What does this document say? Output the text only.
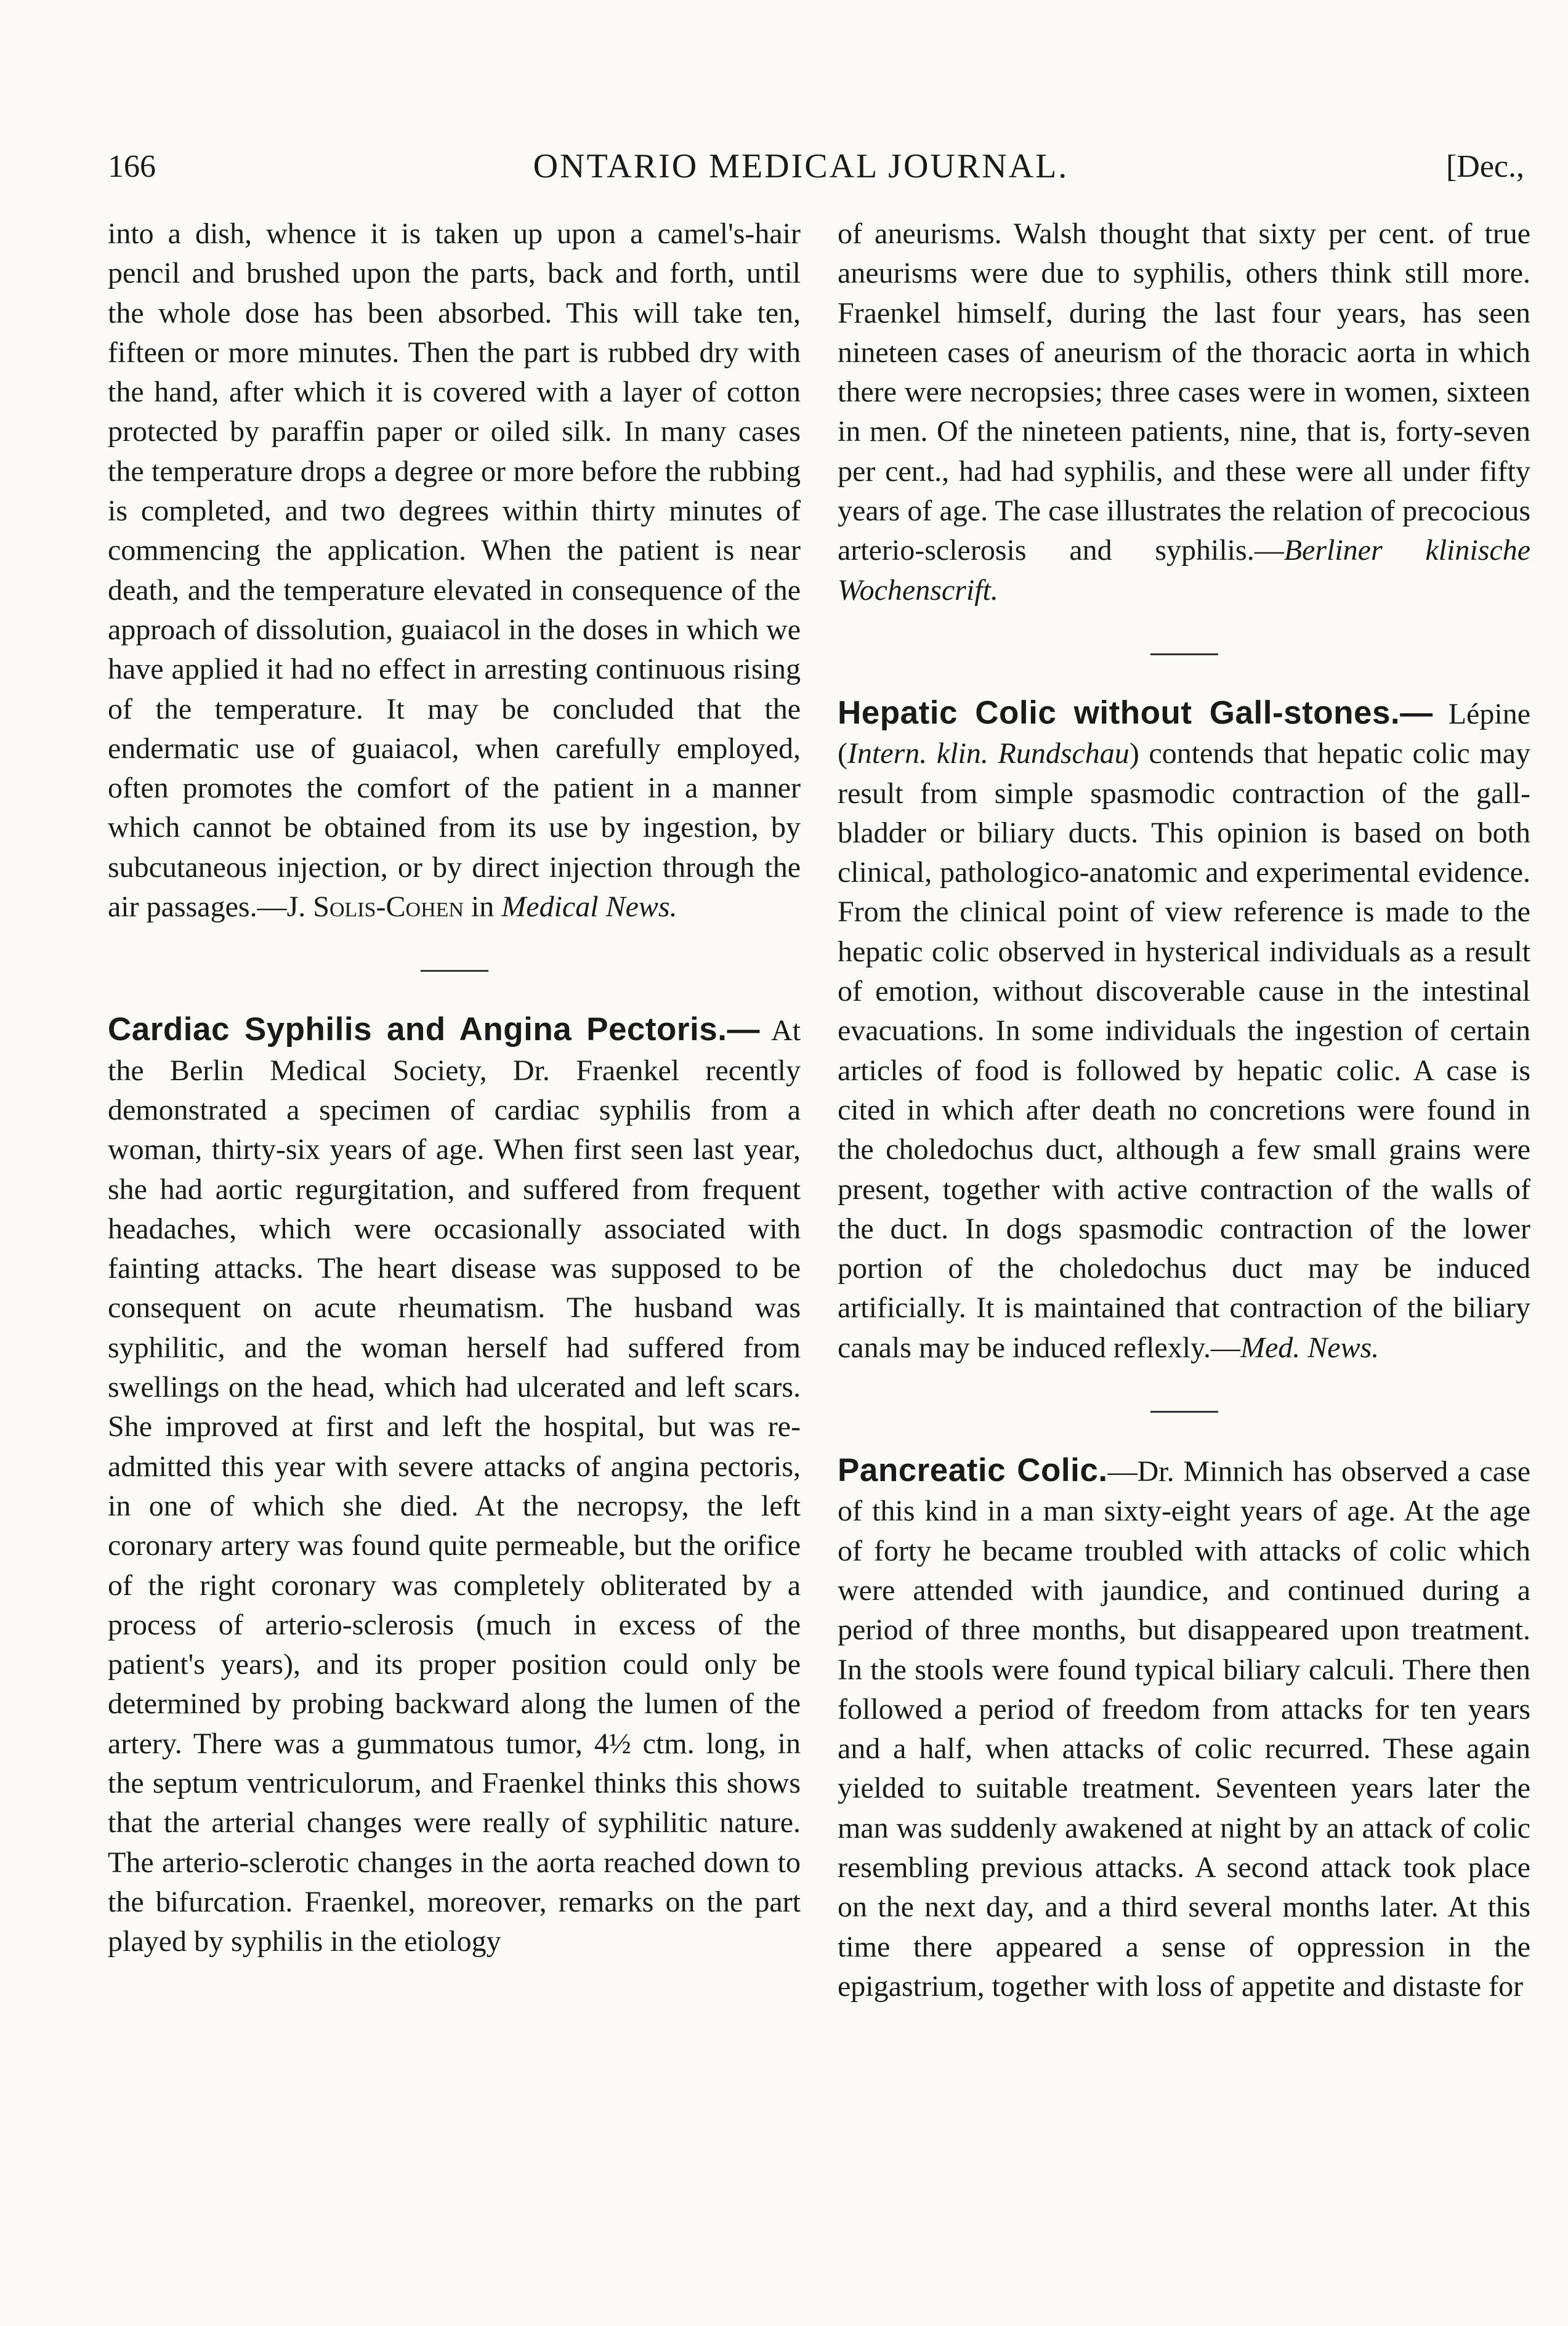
166	ONTARIO MEDICAL JOURNAL.	[Dec.,

into a dish, whence it is taken up upon a camel's-hair pencil and brushed upon the parts, back and forth, until the whole dose has been absorbed. This will take ten, fifteen or more minutes. Then the part is rubbed dry with the hand, after which it is covered with a layer of cotton protected by paraffin paper or oiled silk. In many cases the temperature drops a degree or more before the rubbing is completed, and two degrees within thirty minutes of commencing the application. When the patient is near death, and the temperature elevated in consequence of the approach of dissolution, guaiacol in the doses in which we have applied it had no effect in arresting continuous rising of the temperature. It may be concluded that the endermatic use of guaiacol, when carefully employed, often promotes the comfort of the patient in a manner which cannot be obtained from its use by ingestion, by subcutaneous injection, or by direct injection through the air passages.—J. Solis-Cohen in Medical News.

Cardiac Syphilis and Angina Pectoris.— At the Berlin Medical Society, Dr. Fraenkel recently demonstrated a specimen of cardiac syphilis from a woman, thirty-six years of age. When first seen last year, she had aortic regurgitation, and suffered from frequent headaches, which were occasionally associated with fainting attacks. The heart disease was supposed to be consequent on acute rheumatism. The husband was syphilitic, and the woman herself had suffered from swellings on the head, which had ulcerated and left scars. She improved at first and left the hospital, but was re-admitted this year with severe attacks of angina pectoris, in one of which she died. At the necropsy, the left coronary artery was found quite permeable, but the orifice of the right coronary was completely obliterated by a process of arterio-sclerosis (much in excess of the patient's years), and its proper position could only be determined by probing backward along the lumen of the artery. There was a gummatous tumor, 4½ ctm. long, in the septum ventriculorum, and Fraenkel thinks this shows that the arterial changes were really of syphilitic nature. The arterio-sclerotic changes in the aorta reached down to the bifurcation. Fraenkel, moreover, remarks on the part played by syphilis in the etiology

of aneurisms. Walsh thought that sixty per cent. of true aneurisms were due to syphilis, others think still more. Fraenkel himself, during the last four years, has seen nineteen cases of aneurism of the thoracic aorta in which there were necropsies; three cases were in women, sixteen in men. Of the nineteen patients, nine, that is, forty-seven per cent., had had syphilis, and these were all under fifty years of age. The case illustrates the relation of precocious arterio-sclerosis and syphilis.—Berliner klinische Wochenscrift.

Hepatic Colic without Gall-stones.— Lépine (Intern. klin. Rundschau) contends that hepatic colic may result from simple spasmodic contraction of the gall-bladder or biliary ducts. This opinion is based on both clinical, pathologico-anatomic and experimental evidence. From the clinical point of view reference is made to the hepatic colic observed in hysterical individuals as a result of emotion, without discoverable cause in the intestinal evacuations. In some individuals the ingestion of certain articles of food is followed by hepatic colic. A case is cited in which after death no concretions were found in the choledochus duct, although a few small grains were present, together with active contraction of the walls of the duct. In dogs spasmodic contraction of the lower portion of the choledochus duct may be induced artificially. It is maintained that contraction of the biliary canals may be induced reflexly.—Med. News.

Pancreatic Colic.—Dr. Minnich has observed a case of this kind in a man sixty-eight years of age. At the age of forty he became troubled with attacks of colic which were attended with jaundice, and continued during a period of three months, but disappeared upon treatment. In the stools were found typical biliary calculi. There then followed a period of freedom from attacks for ten years and a half, when attacks of colic recurred. These again yielded to suitable treatment. Seventeen years later the man was suddenly awakened at night by an attack of colic resembling previous attacks. A second attack took place on the next day, and a third several months later. At this time there appeared a sense of oppression in the epigastrium, together with loss of appetite and distaste for
